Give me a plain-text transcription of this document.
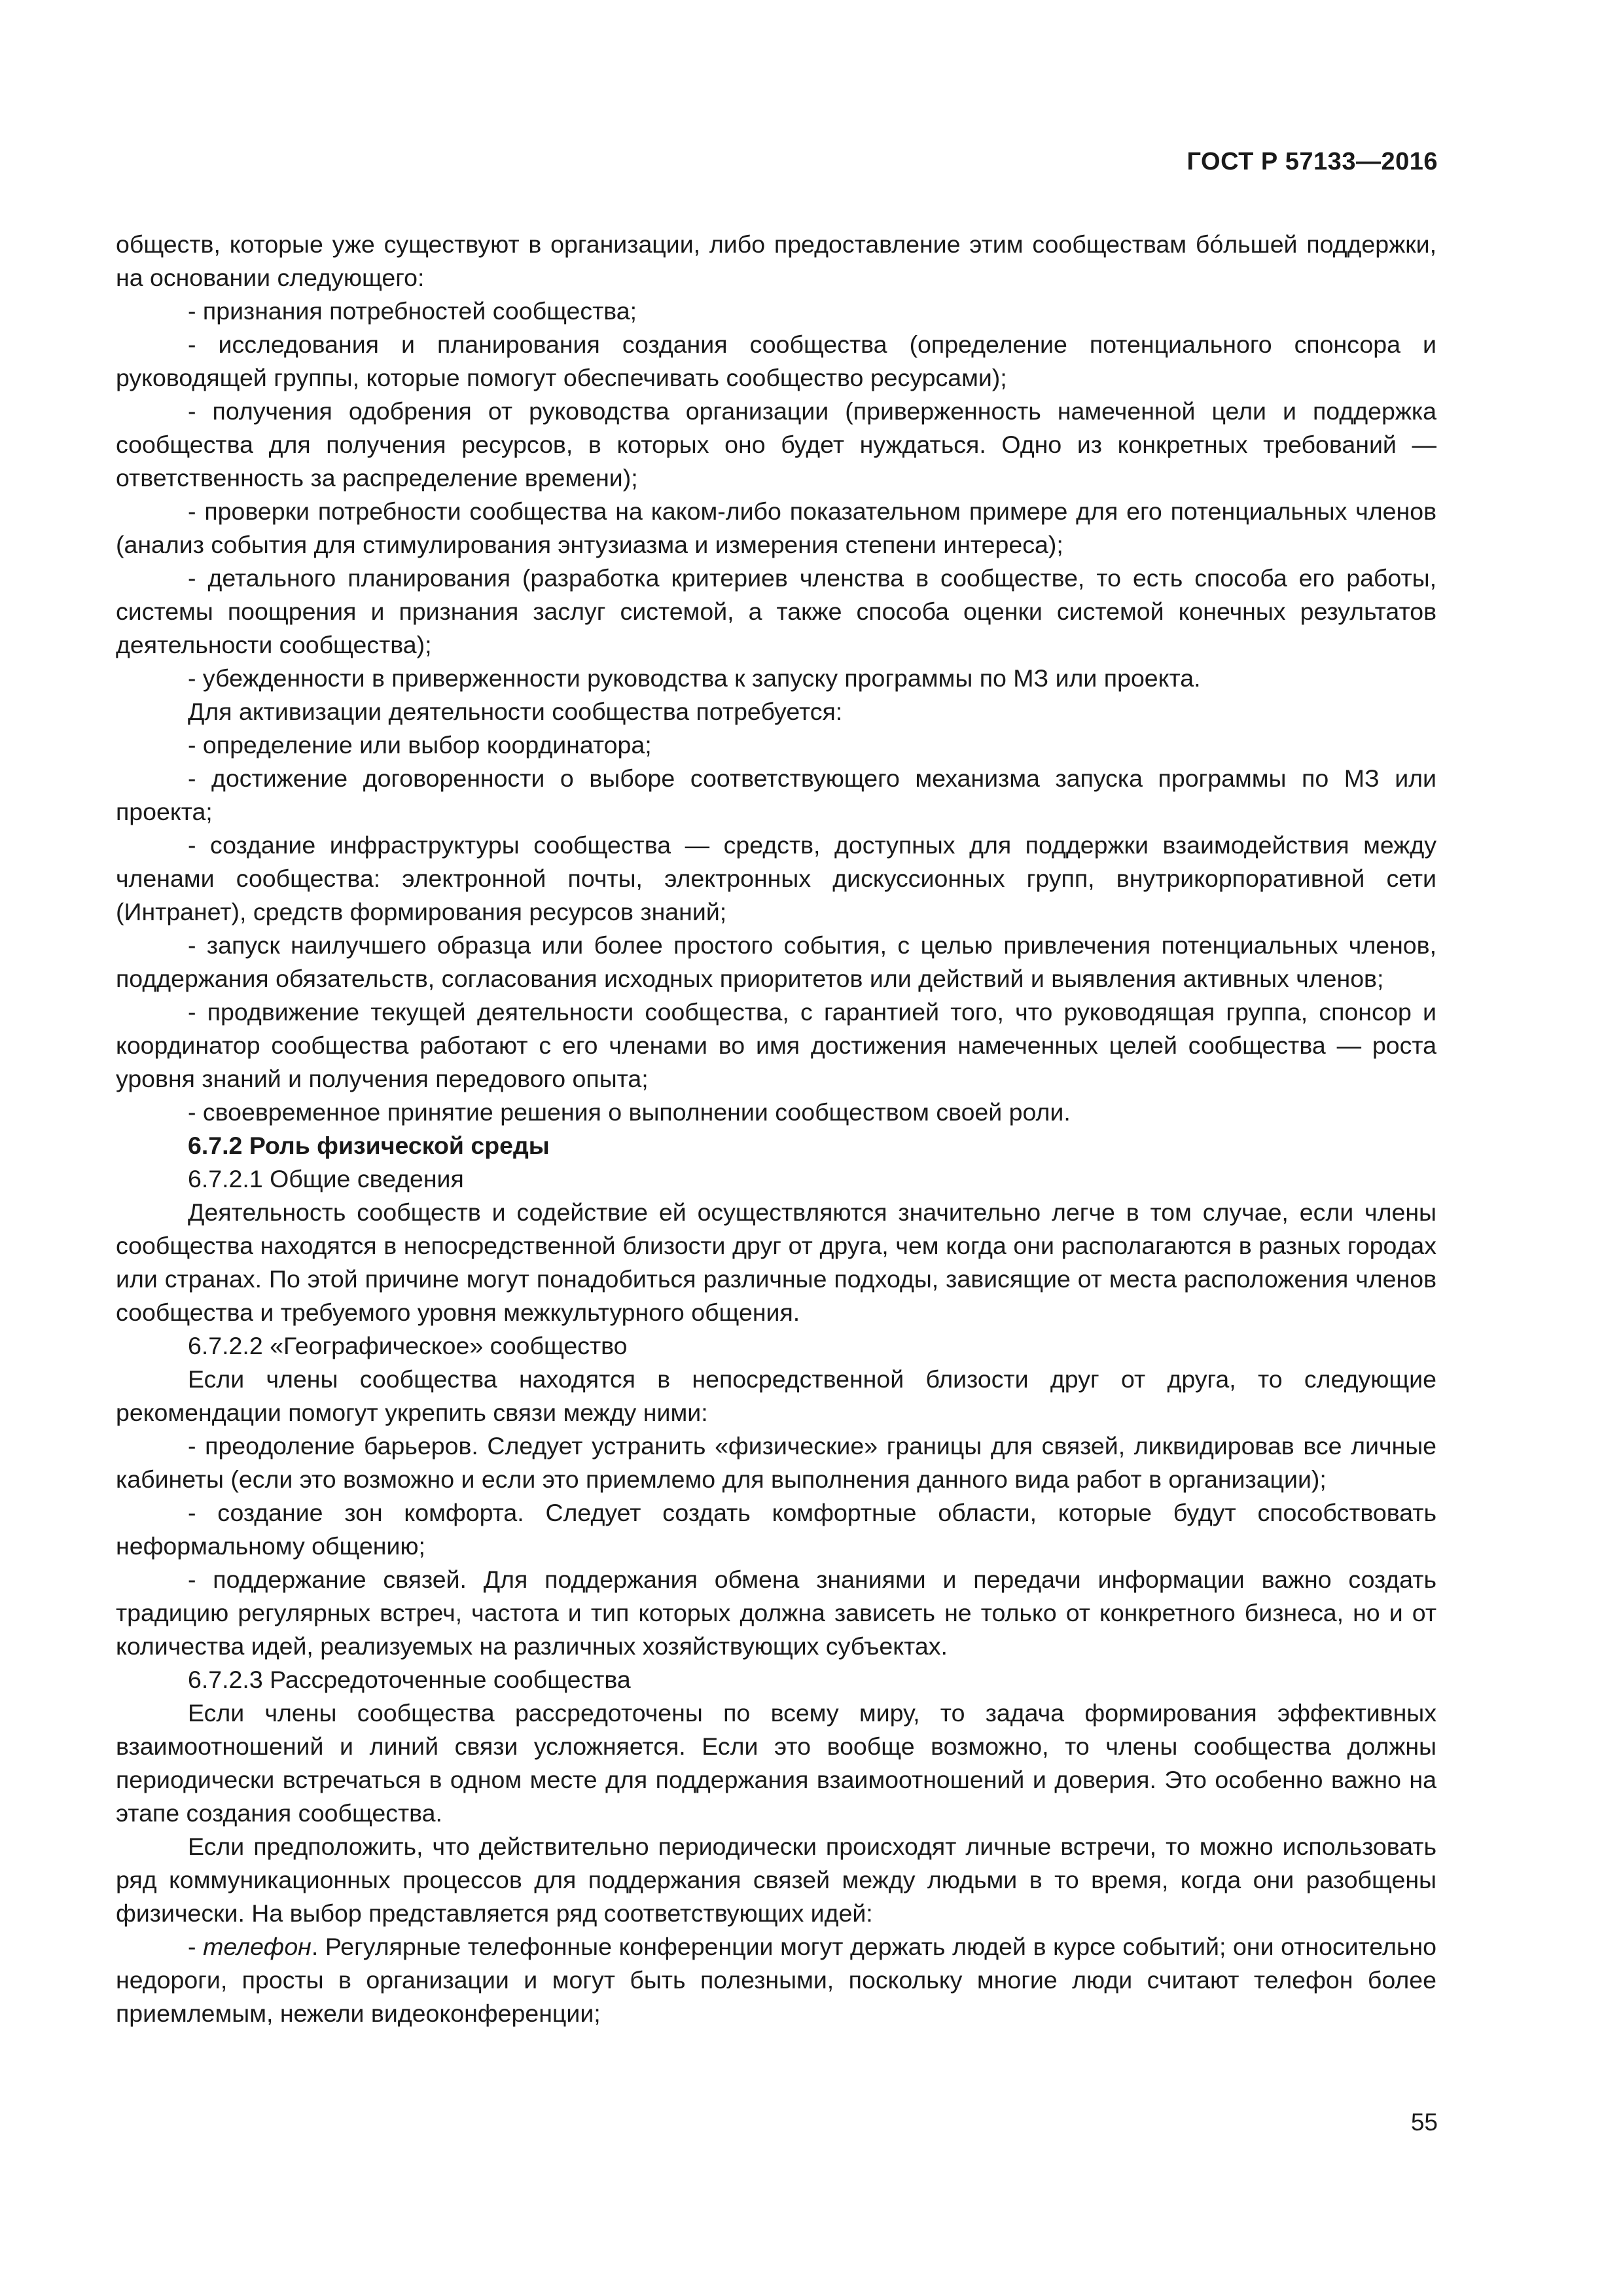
ГОСТ Р 57133—2016

обществ, которые уже существуют в организации, либо предоставление этим сообществам бóльшей поддержки, на основании следующего:

- признания потребностей сообщества;

- исследования и планирования создания сообщества (определение потенциального спонсора и руководящей группы, которые помогут обеспечивать сообщество ресурсами);

- получения одобрения от руководства организации (приверженность намеченной цели и поддержка сообщества для получения ресурсов, в которых оно будет нуждаться. Одно из конкретных требований — ответственность за распределение времени);

- проверки потребности сообщества на каком-либо показательном примере для его потенциальных членов (анализ события для стимулирования энтузиазма и измерения степени интереса);

- детального планирования (разработка критериев членства в сообществе, то есть способа его работы, системы поощрения и признания заслуг системой, а также способа оценки системой конечных результатов деятельности сообщества);

- убежденности в приверженности руководства к запуску программы по МЗ или проекта.

Для активизации деятельности сообщества потребуется:

- определение или выбор координатора;

- достижение договоренности о выборе соответствующего механизма запуска программы по МЗ или проекта;

- создание инфраструктуры сообщества — средств, доступных для поддержки взаимодействия между членами сообщества: электронной почты, электронных дискуссионных групп, внутрикорпоративной сети (Интранет), средств формирования ресурсов знаний;

- запуск наилучшего образца или более простого события, с целью привлечения потенциальных членов, поддержания обязательств, согласования исходных приоритетов или действий и выявления активных членов;

- продвижение текущей деятельности сообщества, с гарантией того, что руководящая группа, спонсор и координатор сообщества работают с его членами во имя достижения намеченных целей сообщества — роста уровня знаний и получения передового опыта;

- своевременное принятие решения о выполнении сообществом своей роли.

6.7.2 Роль физической среды

6.7.2.1 Общие сведения

Деятельность сообществ и содействие ей осуществляются значительно легче в том случае, если члены сообщества находятся в непосредственной близости друг от друга, чем когда они располагаются в разных городах или странах. По этой причине могут понадобиться различные подходы, зависящие от места расположения членов сообщества и требуемого уровня межкультурного общения.

6.7.2.2 «Географическое» сообщество

Если члены сообщества находятся в непосредственной близости друг от друга, то следующие рекомендации помогут укрепить связи между ними:

- преодоление барьеров. Следует устранить «физические» границы для связей, ликвидировав все личные кабинеты (если это возможно и если это приемлемо для выполнения данного вида работ в организации);

- создание зон комфорта. Следует создать комфортные области, которые будут способствовать неформальному общению;

- поддержание связей. Для поддержания обмена знаниями и передачи информации важно создать традицию регулярных встреч, частота и тип которых должна зависеть не только от конкретного бизнеса, но и от количества идей, реализуемых на различных хозяйствующих субъектах.

6.7.2.3 Рассредоточенные сообщества

Если члены сообщества рассредоточены по всему миру, то задача формирования эффективных взаимоотношений и линий связи усложняется. Если это вообще возможно, то члены сообщества должны периодически встречаться в одном месте для поддержания взаимоотношений и доверия. Это особенно важно на этапе создания сообщества.

Если предположить, что действительно периодически происходят личные встречи, то можно использовать ряд коммуникационных процессов для поддержания связей между людьми в то время, когда они разобщены физически. На выбор представляется ряд соответствующих идей:

- телефон. Регулярные телефонные конференции могут держать людей в курсе событий; они относительно недороги, просты в организации и могут быть полезными, поскольку многие люди считают телефон более приемлемым, нежели видеоконференции;

55
